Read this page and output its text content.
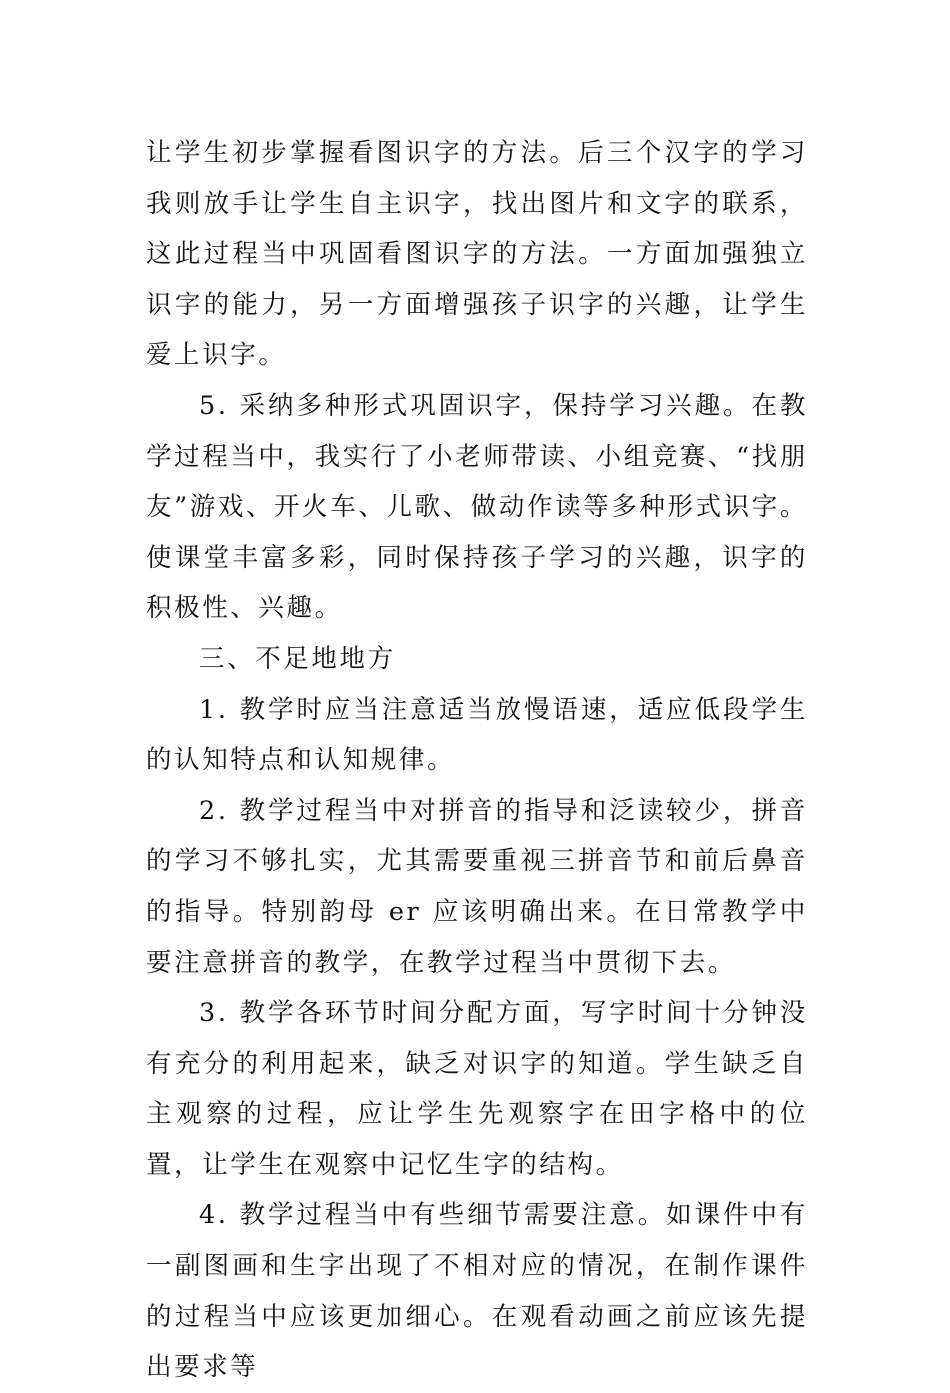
让学生初步掌握看图识字的方法。后三个汉字的学习我则放手让学生自主识字，找出图片和文字的联系，这此过程当中巩固看图识字的方法。一方面加强独立识字的能力，另一方面增强孩子识字的兴趣，让学生爱上识字。

5. 采纳多种形式巩固识字，保持学习兴趣。在教学过程当中，我实行了小老师带读、小组竞赛、“找朋友”游戏、开火车、儿歌、做动作读等多种形式识字。使课堂丰富多彩，同时保持孩子学习的兴趣，识字的积极性、兴趣。

三、不足地地方

1. 教学时应当注意适当放慢语速，适应低段学生的认知特点和认知规律。

2. 教学过程当中对拼音的指导和泛读较少，拼音的学习不够扎实，尤其需要重视三拼音节和前后鼻音的指导。特别韵母 er 应该明确出来。在日常教学中要注意拼音的教学，在教学过程当中贯彻下去。

3. 教学各环节时间分配方面，写字时间十分钟没有充分的利用起来，缺乏对识字的知道。学生缺乏自主观察的过程，应让学生先观察字在田字格中的位置，让学生在观察中记忆生字的结构。

4. 教学过程当中有些细节需要注意。如课件中有一副图画和生字出现了不相对应的情况，在制作课件的过程当中应该更加细心。在观看动画之前应该先提出要求等
